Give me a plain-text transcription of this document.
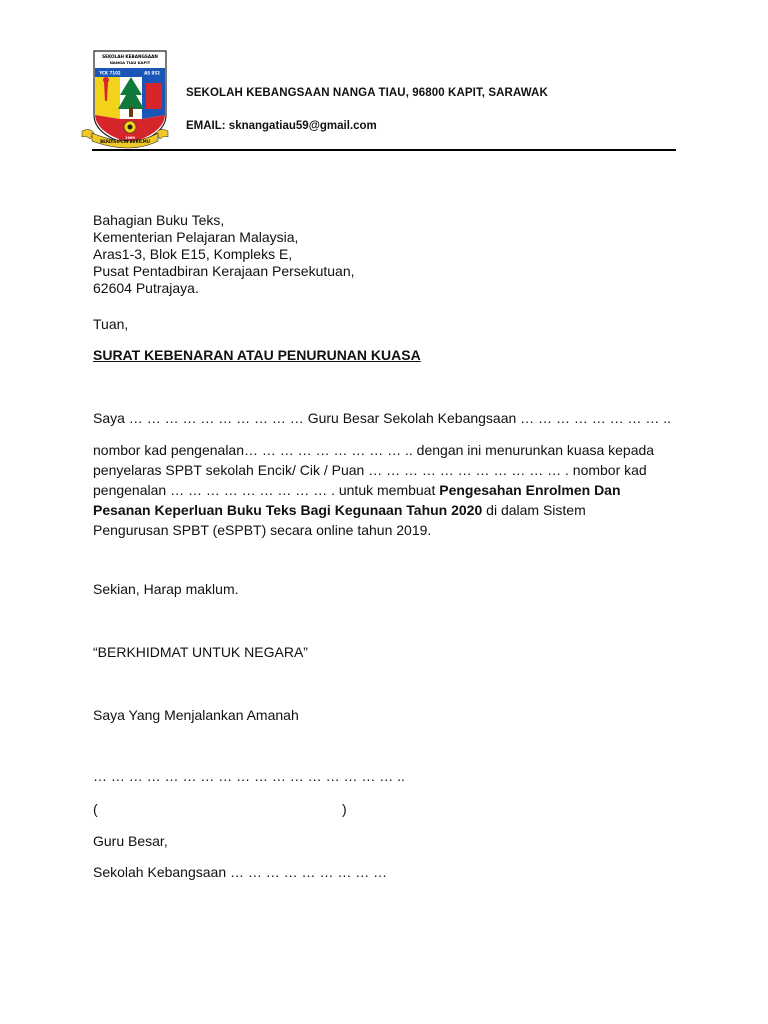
SEKOLAH KEBANGSAAN
NANGA TIAU KAPIT
YCK 7102	AS 932
1969
BERDISIPLIN BERILMU
SEKOLAH KEBANGSAAN NANGA TIAU, 96800 KAPIT, SARAWAK
EMAIL: sknangatiau59@gmail.com
Bahagian Buku Teks,
Kementerian Pelajaran Malaysia,
Aras1-3, Blok E15, Kompleks E,
Pusat Pentadbiran Kerajaan Persekutuan,
62604 Putrajaya.
Tuan,
SURAT KEBENARAN ATAU PENURUNAN KUASA
Saya … … … … … … … … … … Guru Besar Sekolah Kebangsaan … … … … … … … … ..
nombor kad pengenalan… … … … … … … … … .. dengan ini menurunkan kuasa kepada
penyelaras SPBT sekolah Encik/ Cik / Puan … … … … … … … … … … … . nombor kad
pengenalan … … … … … … … … … . untuk membuat Pengesahan Enrolmen Dan
Pesanan Keperluan Buku Teks Bagi Kegunaan Tahun 2020 di dalam Sistem
Pengurusan SPBT (eSPBT) secara online tahun 2019.
Sekian, Harap maklum.
“BERKHIDMAT UNTUK NEGARA”
Saya Yang Menjalankan Amanah
… … … … … … … … … … … … … … … … … ..
(	)
Guru Besar,
Sekolah Kebangsaan … … … … … … … … …
